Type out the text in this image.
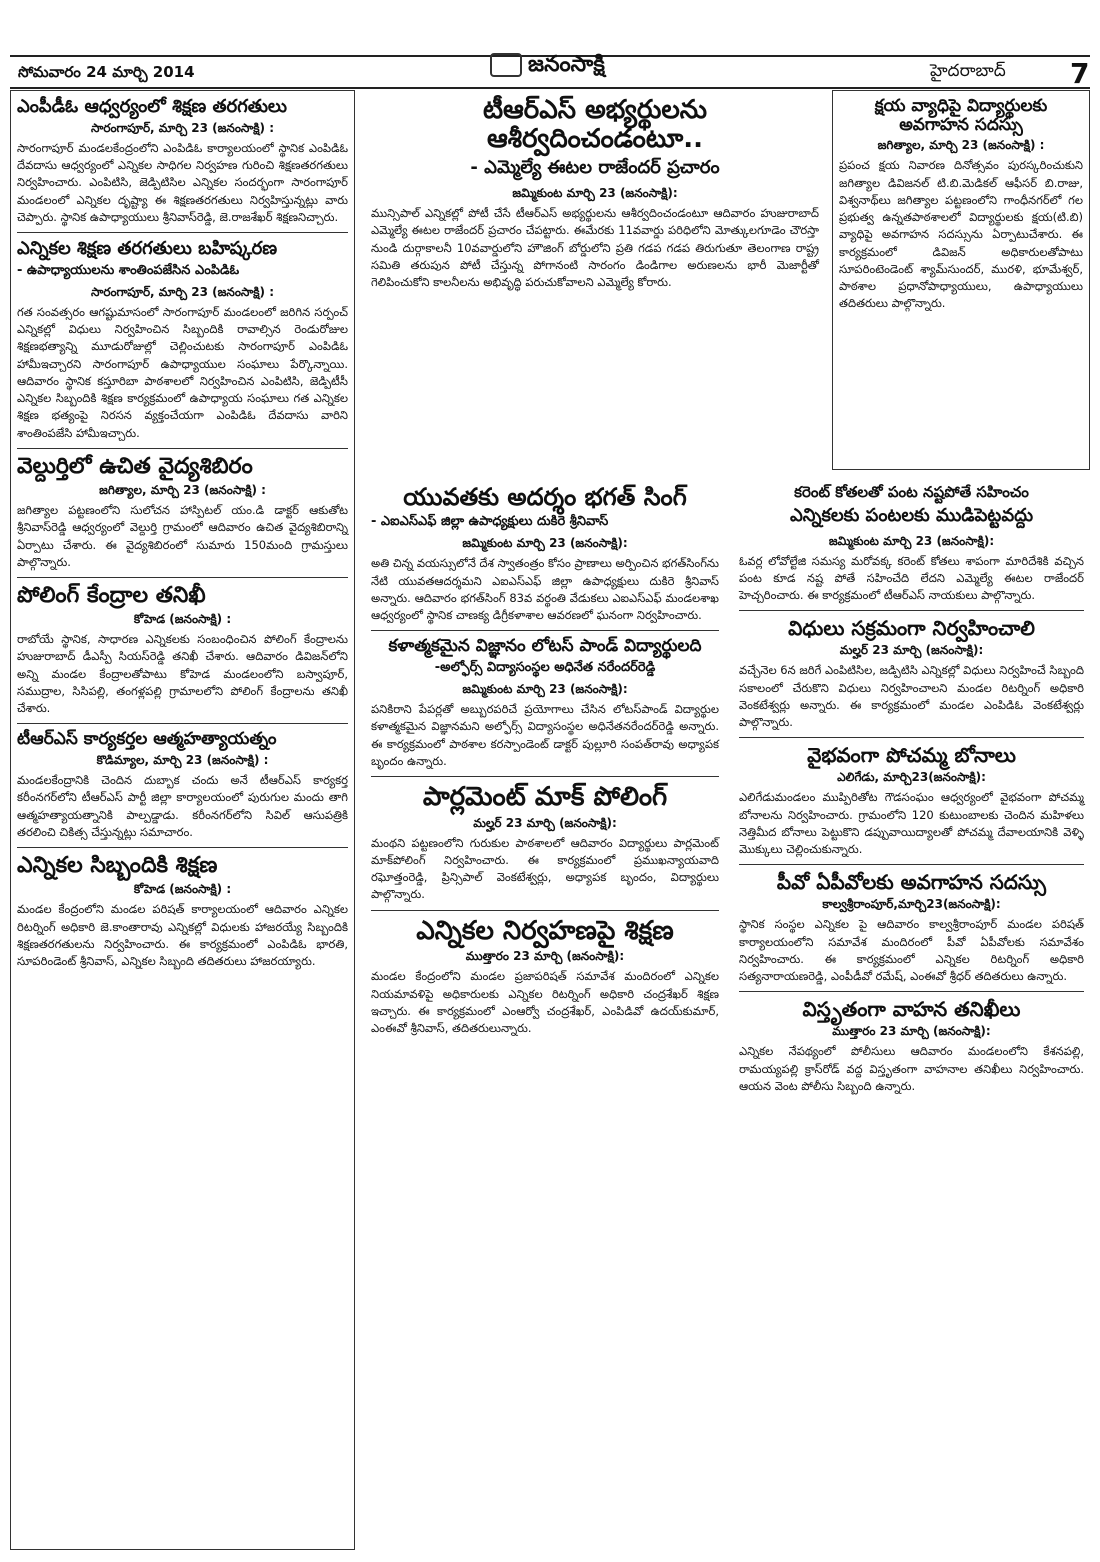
సోమవారం 24 మార్చి 2014	జనంసాక్షి	హైదరాబాద్ 7
ఎంపీడీఓ ఆధ్వర్యంలో శిక్షణ తరగతులు
సారంగాపూర్, మార్చి 23 (జనంసాక్షి) :

సారంగాపూర్ మండలకేంద్రంలోని ఎంపిడిఓ కార్యాలయంలో స్థానిక ఎంపిడిఓ దేవదాసు ఆధ్వర్యంలో ఎన్నికల సాధిగల నిర్వహణ గురించి శిక్షణతరగతులు నిర్వహించారు. ఎంపిటిసి, జెడ్పిటిసిల ఎన్నికల సందర్భంగా సారంగాపూర్ మండలంలో ఎన్నికల దృష్ట్యా ఈ శిక్షణతరగతులు నిర్వహిస్తున్నట్లు వారు చెప్పారు. స్థానిక ఉపాధ్యాయులు శ్రీనివాస్‌రెడ్డి, జె.రాజశేఖర్ శిక్షణనిచ్చారు.

ఎన్నికల శిక్షణ తరగతులు బహిష్కరణ
- ఉపాధ్యాయులను శాంతింపజేసిన ఎంపిడిఓ
సారంగాపూర్, మార్చి 23 (జనంసాక్షి) :

గత సంవత్సరం ఆగష్టుమాసంలో సారంగాపూర్ మండలంలో జరిగిన సర్పంచ్ ఎన్నికల్లో విధులు నిర్వహించిన సిబ్బందికి రావాల్సిన రెండురోజుల శిక్షణభత్యాన్ని మూడురోజుల్లో చెల్లించుటకు సారంగాపూర్ ఎంపిడిఓ హామీఇచ్చారని సారంగాపూర్ ఉపాధ్యాయుల సంఘాలు పేర్కొన్నాయి. ఆదివారం స్థానిక కస్తూరిబా పాఠశాలలో నిర్వహించిన ఎంపిటిసి, జెడ్పిటీసీ ఎన్నికల సిబ్బందికి శిక్షణ కార్యక్రమంలో ఉపాధ్యాయ సంఘాలు గత ఎన్నికల శిక్షణ భత్యంపై నిరసన వ్యక్తంచేయగా ఎంపిడిఓ దేవదాసు వారిని శాంతింపజేసి హామీఇచ్చారు.

వెల్దుర్తిలో ఉచిత వైద్యశిబిరం
జగిత్యాల, మార్చి 23 (జనంసాక్షి) :

జగిత్యాల పట్టణంలోని సులోచన హాస్పిటల్ యం.డి డాక్టర్ ఆకుతోట శ్రీనివాస్‌రెడ్డి ఆధ్వర్యంలో వెల్దుర్తి గ్రామంలో ఆదివారం ఉచిత వైద్యశిబిరాన్ని ఏర్పాటు చేశారు. ఈ వైద్యశిబిరంలో సుమారు 150మంది గ్రామస్తులు పాల్గొన్నారు.

పోలింగ్ కేంద్రాల తనిఖీ
కోహెడ (జనంసాక్షి) :

రాబోయే స్థానిక, సాధారణ ఎన్నికలకు సంబంధించిన పోలింగ్ కేంద్రాలను హుజురాబాద్ డీఎస్పీ సియస్‌రెడ్డి తనిఖీ చేశారు. ఆదివారం డివిజన్‌లోని అన్ని మండల కేంద్రాలతోపాటు కోహెడ మండలంలోని బస్వాపూర్, సముద్రాల, సిసిపల్లి, తంగళ్లపల్లి గ్రామాలలోని పోలింగ్ కేంద్రాలను తనిఖీ చేశారు.

టీఆర్ఎస్ కార్యకర్తల ఆత్మహత్యాయత్నం
కొడిమ్యాల, మార్చి 23 (జనంసాక్షి) :

మండలకేంద్రానికి చెందిన దుబ్బాక చందు అనే టీఆర్ఎస్ కార్యకర్త కరీంనగర్‌లోని టీఆర్ఎస్ పార్టీ జిల్లా కార్యాలయంలో పురుగుల మందు తాగి ఆత్మహత్యాయత్నానికి పాల్పడ్డాడు. కరీంనగర్‌లోని సివిల్ ఆసుపత్రికి తరలించి చికిత్స చేస్తున్నట్లు సమాచారం.

ఎన్నికల సిబ్బందికి శిక్షణ
కోహెడ (జనంసాక్షి) :

మండల కేంద్రంలోని మండల పరిషత్ కార్యాలయంలో ఆదివారం ఎన్నికల రిటర్నింగ్ అధికారి జె.కాంతారావు ఎన్నికల్లో విధులకు హాజరయ్యే సిబ్బందికి శిక్షణతరగతులను నిర్వహించారు. ఈ కార్యక్రమంలో ఎంపిడిఓ భారతి, సూపరిండెంట్ శ్రీనివాస్, ఎన్నికల సిబ్బంది తదితరులు హాజరయ్యారు.

టీఆర్ఎస్ అభ్యర్థులను ఆశీర్వదించండంటూ..
- ఎమ్మెల్యే ఈటల రాజేందర్ ప్రచారం
జమ్మికుంట మార్చి 23 (జనంసాక్షి):

మున్సిపాల్ ఎన్నికల్లో పోటీ చేసే టీఆర్ఎస్ అభ్యర్థులను ఆశీర్వదించండంటూ ఆదివారం హుజురాబాద్ ఎమ్మెల్యే ఈటల రాజేందర్ ప్రచారం చేపట్టారు. ఈమేరకు 11వవార్డు పరిధిలోని మోత్కులగూడెం చౌరస్తా నుండి దుర్గాకాలనీ 10వవార్డులోని హౌజింగ్ బోర్డులోని ప్రతి గడప గడప తిరుగుతూ తెలంగాణ రాష్ట్ర సమితి తరుపున పోటీ చేస్తున్న పోగానంటి సారంగం డిండిగాల అరుణలను భారీ మెజార్టీతో గెలిపించుకోని కాలనీలను అభివృద్ధి పరుచుకోవాలని ఎమ్మెల్యే కోరారు.

క్షయ వ్యాధిపై విద్యార్థులకు అవగాహన సదస్సు
జగిత్యాల, మార్చి 23 (జనంసాక్షి) :

ప్రపంచ క్షయ నివారణ దినోత్సవం పురస్కరించుకుని జగిత్యాల డివిజనల్ టి.బి.మెడికల్ ఆఫీసర్ బి.రాజు, విశ్వనాథ్‌లు జగిత్యాల పట్టణంలోని గాంధీనగర్‌లో గల ప్రభుత్వ ఉన్నతపాఠశాలలో విద్యార్థులకు క్షయ(టి.బి) వ్యాధిపై అవగాహన సదస్సును ఏర్పాటుచేశారు. ఈ కార్యక్రమంలో డివిజన్ అధికారులతోపాటు సూపరింటెండెంట్ శ్యామ్‌సుందర్, మురళి, భూమేశ్వర్, పాఠశాల ప్రధానోపాధ్యాయులు, ఉపాధ్యాయులు తదితరులు పాల్గొన్నారు.

యువతకు అదర్శం భగత్ సింగ్
- ఎఐఎస్ఎఫ్ జిల్లా ఉపాధ్యక్షులు దుకిరె శ్రీనివాస్
జమ్మికుంట మార్చి 23 (జనంసాక్షి):

అతి చిన్న వయస్సులోనే దేశ స్వాతంత్రం కోసం ప్రాణాలు అర్పించిన భగత్‌సింగ్‌ను నేటి యువతఆదర్శమని ఎఐఎస్ఎఫ్ జిల్లా ఉపాధ్యక్షులు దుకిరె శ్రీనివాస్ అన్నారు. ఆదివారం భగత్‌సింగ్ 83వ వర్థంతి వేడుకలు ఎఐఎస్ఎఫ్ మండలశాఖ ఆధ్వర్యంలో స్థానిక చాణక్య డిగ్రీకళాశాల ఆవరణలో ఘనంగా నిర్వహించారు.

కళాత్మకమైన విజ్ఞానం లోటస్ పాండ్ విద్యార్థులది
-అల్ఫోర్స్ విద్యాసంస్థల అధినేత నరేందర్‌రెడ్డి
జమ్మికుంట మార్చి 23 (జనంసాక్షి):

పనికిరాని పేపర్లతో అబ్బురపరిచే ప్రయోగాలు చేసిన లోటస్‌పాండ్ విద్యార్థుల కళాత్మకమైన విజ్ఞానమని అల్ఫోర్స్ విద్యాసంస్థల అధినేతనరేందర్‌రెడ్డి అన్నారు. ఈ కార్యక్రమంలో పాఠశాల కరస్పాండెంట్ డాక్టర్ పుల్లూరి సంపత్‌రావు అధ్యాపక బృందం ఉన్నారు.

పార్లమెంట్ మాక్ పోలింగ్
మల్హర్ 23 మార్చి (జనంసాక్షి):

మంథని పట్టణంలోని గురుకుల పాఠశాలలో ఆదివారం విద్యార్థులు పార్లమెంట్ మాక్‌పోలింగ్ నిర్వహించారు. ఈ కార్యక్రమంలో ప్రముఖన్యాయవాది రఘోత్తంరెడ్డి, ప్రిన్సిపాల్ వెంకటేశ్వర్లు, అధ్యాపక బృందం, విద్యార్థులు పాల్గొన్నారు.

ఎన్నికల నిర్వహణపై శిక్షణ
ముత్తారం 23 మార్చి (జనంసాక్షి):

మండల కేంద్రంలోని మండల ప్రజాపరిషత్ సమావేశ మందిరంలో ఎన్నికల నియమావళిపై అధికారులకు ఎన్నికల రిటర్నింగ్ అధికారి చంద్రశేఖర్ శిక్షణ ఇచ్చారు. ఈ కార్యక్రమంలో ఎంఆర్వో చంద్రశేఖర్, ఎంపిడివో ఉదయ్‌కుమార్, ఎంఈవో శ్రీనివాస్, తదితరులున్నారు.

కరెంట్ కోతలతో పంట నష్టపోతే సహించం
ఎన్నికలకు పంటలకు ముడిపెట్టవద్దు
జమ్మికుంట మార్చి 23 (జనంసాక్షి):

ఓవర్ల లోవోల్టేజి సమస్య మరోవక్క కరెంట్ కోతలు శాపంగా మారిదేశికి వచ్చిన పంట కూడ నష్ట పోతే సహించేది లేదని ఎమ్మెల్యే ఈటల రాజేందర్ హెచ్చరించారు. ఈ కార్యక్రమంలో టీఆర్ఎస్ నాయకులు పాల్గొన్నారు.

విధులు సక్రమంగా నిర్వహించాలి
మల్హర్ 23 మార్చి (జనంసాక్షి):

వచ్చేనెల 6న జరిగే ఎంపిటిసిల, జడ్పిటిసి ఎన్నికల్లో విధులు నిర్వహించే సిబ్బంది సకాలంలో చేరుకొని విధులు నిర్వహించాలని మండల రిటర్నింగ్ అధికారి వెంకటేశ్వర్లు అన్నారు. ఈ కార్యక్రమంలో మండల ఎంపిడిఓ వెంకటేశ్వర్లు పాల్గొన్నారు.

వైభవంగా పోచమ్మ బోనాలు
ఎలిగేడు, మార్చి23(జనంసాక్షి):

ఎలిగేడుమండలం ముప్పిరితోట గౌడసంఘం ఆధ్వర్యంలో వైభవంగా పోచమ్మ బోనాలను నిర్వహించారు. గ్రామంలోని 120 కుటుంబాలకు చెందిన మహిళలు నెత్తిమీద బోనాలు పెట్టుకొని డప్పువాయిద్యాలతో పోచమ్మ దేవాలయానికి వెళ్ళి మొక్కులు చెల్లించుకున్నారు.

పీవో ఏపీవోలకు అవగాహన సదస్సు
కాల్వశ్రీరాంపూర్,మార్చి23(జనంసాక్షి):

స్థానిక సంస్థల ఎన్నికల పై ఆదివారం కాల్వశ్రీరాంపూర్ మండల పరిషత్ కార్యాలయంలోని సమావేశ మందిరంలో పీవో ఏపీవోలకు సమావేశం నిర్వహించారు. ఈ కార్యక్రమంలో ఎన్నికల రిటర్నింగ్ అధికారి సత్యనారాయణరెడ్డి, ఎంపీడీవో రమేష్, ఎంఈవో శ్రీధర్ తదితరులు ఉన్నారు.

విస్తృతంగా వాహన తనిఖీలు
ముత్తారం 23 మార్చి (జనంసాక్షి):

ఎన్నికల నేపథ్యంలో పోలీసులు ఆదివారం మండలంలోని కేశనపల్లి, రామయ్యపల్లి క్రాస్‌రోడ్ వద్ద విస్తృతంగా వాహనాల తనిఖీలు నిర్వహించారు. ఆయన వెంట పోలీసు సిబ్బంది ఉన్నారు.
